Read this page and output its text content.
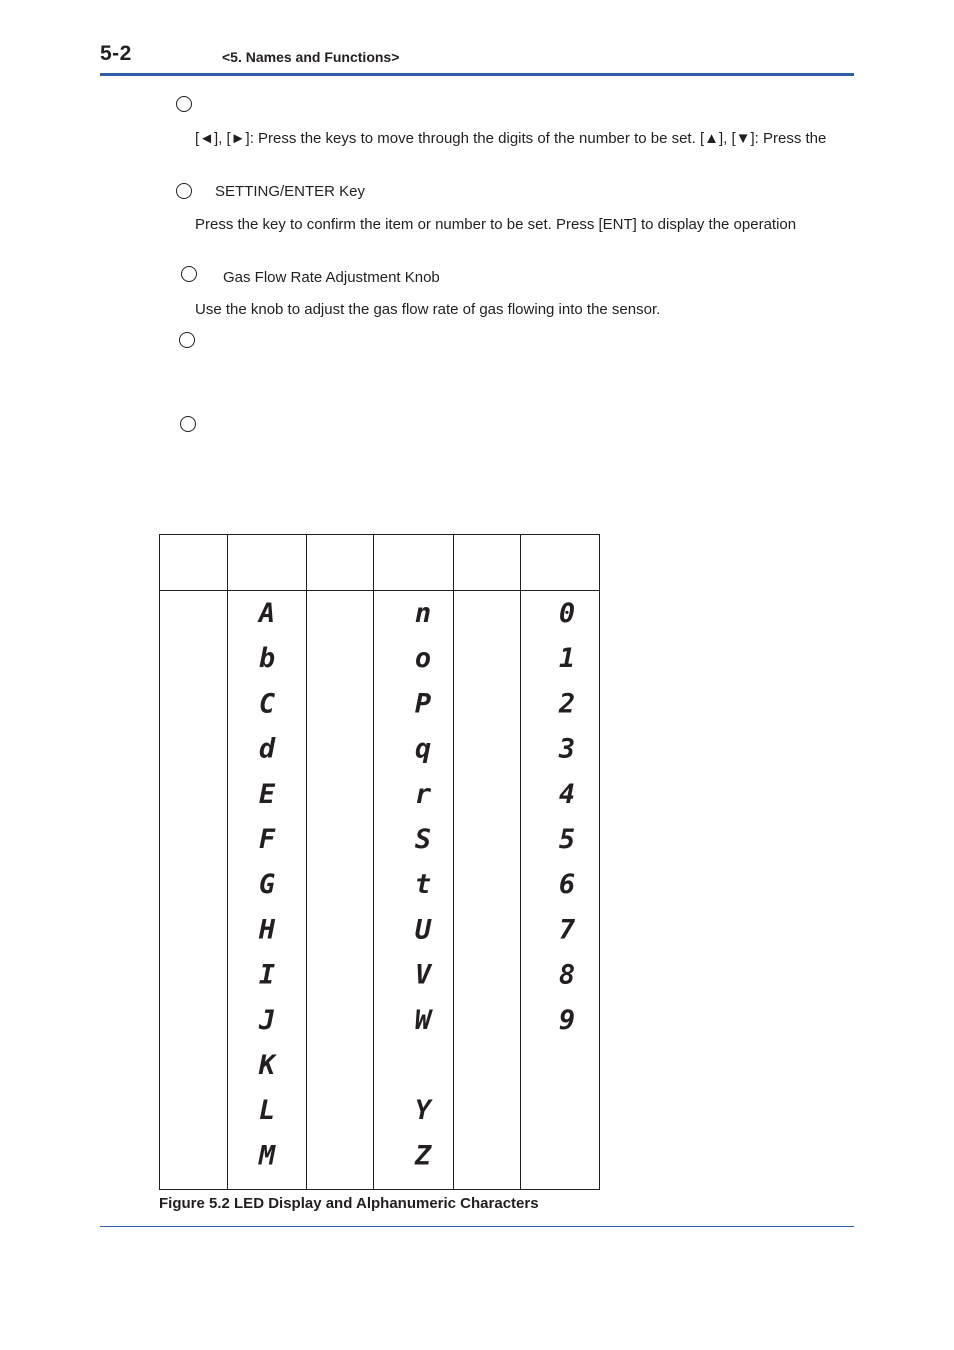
5-2	<5. Names and Functions>
[◄], [►]: Press the keys to move through the digits of the number to be set. [▲], [▼]: Press the
SETTING/ENTER Key
Press the key to confirm the item or number to be set. Press [ENT] to display the operation
Gas Flow Rate Adjustment Knob
Use the knob to adjust the gas flow rate of gas flowing into the sensor.
A
b
C
d
E
F
G
H
I
J
K
L
M
n
o
P
q
r
S
t
U
V
W
Y
Z
0
1
2
3
4
5
6
7
8
9
Figure 5.2 LED Display and Alphanumeric Characters
